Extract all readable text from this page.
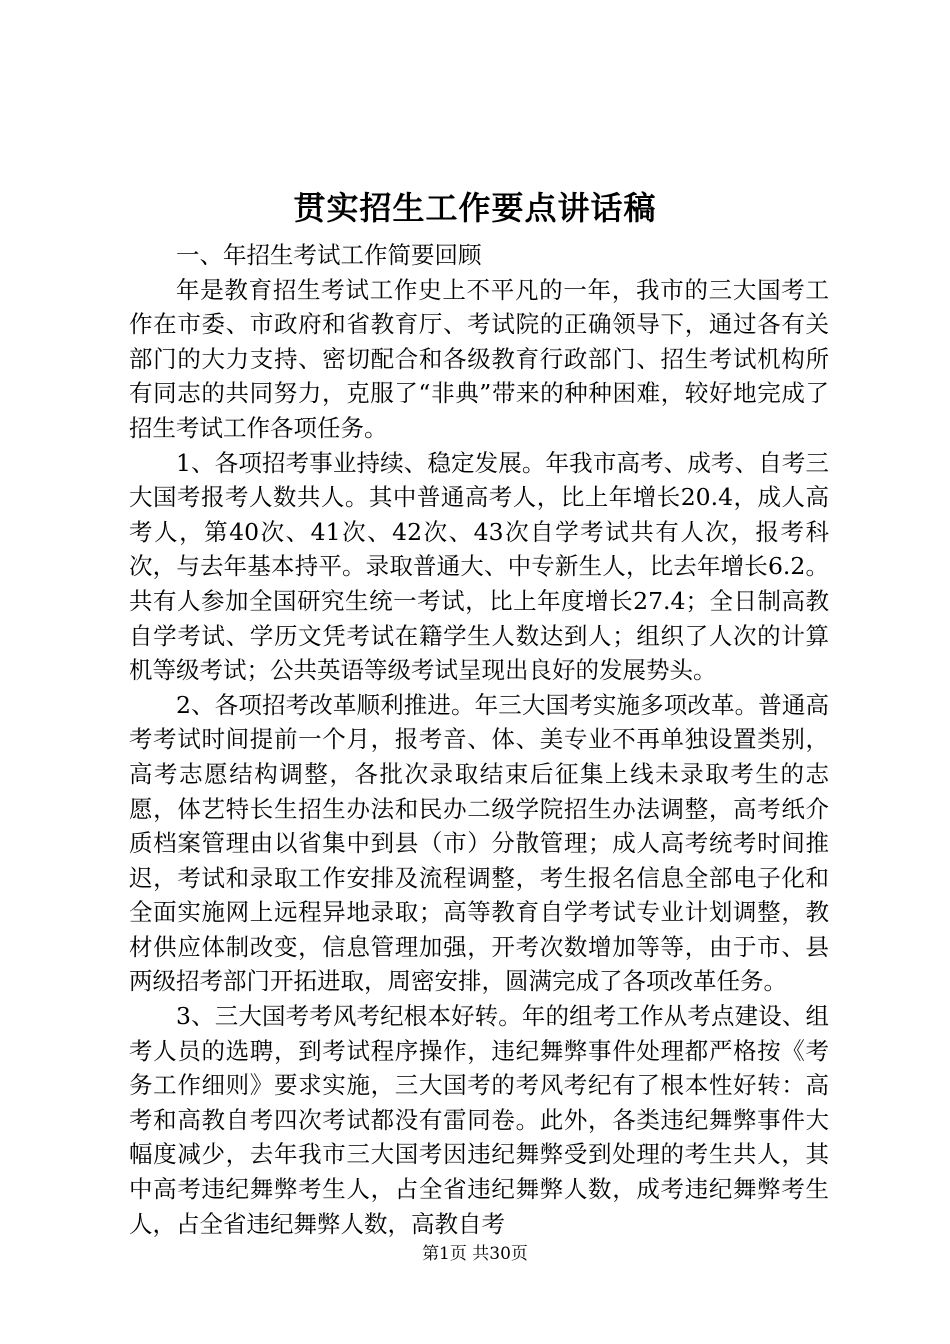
贯实招生工作要点讲话稿

一、年招生考试工作简要回顾

年是教育招生考试工作史上不平凡的一年，我市的三大国考工作在市委、市政府和省教育厅、考试院的正确领导下，通过各有关部门的大力支持、密切配合和各级教育行政部门、招生考试机构所有同志的共同努力，克服了“非典”带来的种种困难，较好地完成了招生考试工作各项任务。

1、各项招考事业持续、稳定发展。年我市高考、成考、自考三大国考报考人数共人。其中普通高考人，比上年增长20.4，成人高考人，第40次、41次、42次、43次自学考试共有人次，报考科次，与去年基本持平。录取普通大、中专新生人，比去年增长6.2。共有人参加全国研究生统一考试，比上年度增长27.4；全日制高教自学考试、学历文凭考试在籍学生人数达到人；组织了人次的计算机等级考试；公共英语等级考试呈现出良好的发展势头。

2、各项招考改革顺利推进。年三大国考实施多项改革。普通高考考试时间提前一个月，报考音、体、美专业不再单独设置类别，高考志愿结构调整，各批次录取结束后征集上线未录取考生的志愿，体艺特长生招生办法和民办二级学院招生办法调整，高考纸介质档案管理由以省集中到县（市）分散管理；成人高考统考时间推迟，考试和录取工作安排及流程调整，考生报名信息全部电子化和全面实施网上远程异地录取；高等教育自学考试专业计划调整，教材供应体制改变，信息管理加强，开考次数增加等等，由于市、县两级招考部门开拓进取，周密安排，圆满完成了各项改革任务。

3、三大国考考风考纪根本好转。年的组考工作从考点建设、组考人员的选聘，到考试程序操作，违纪舞弊事件处理都严格按《考务工作细则》要求实施，三大国考的考风考纪有了根本性好转：高考和高教自考四次考试都没有雷同卷。此外，各类违纪舞弊事件大幅度减少，去年我市三大国考因违纪舞弊受到处理的考生共人，其中高考违纪舞弊考生人，占全省违纪舞弊人数，成考违纪舞弊考生人，占全省违纪舞弊人数，高教自考

第1页 共30页
